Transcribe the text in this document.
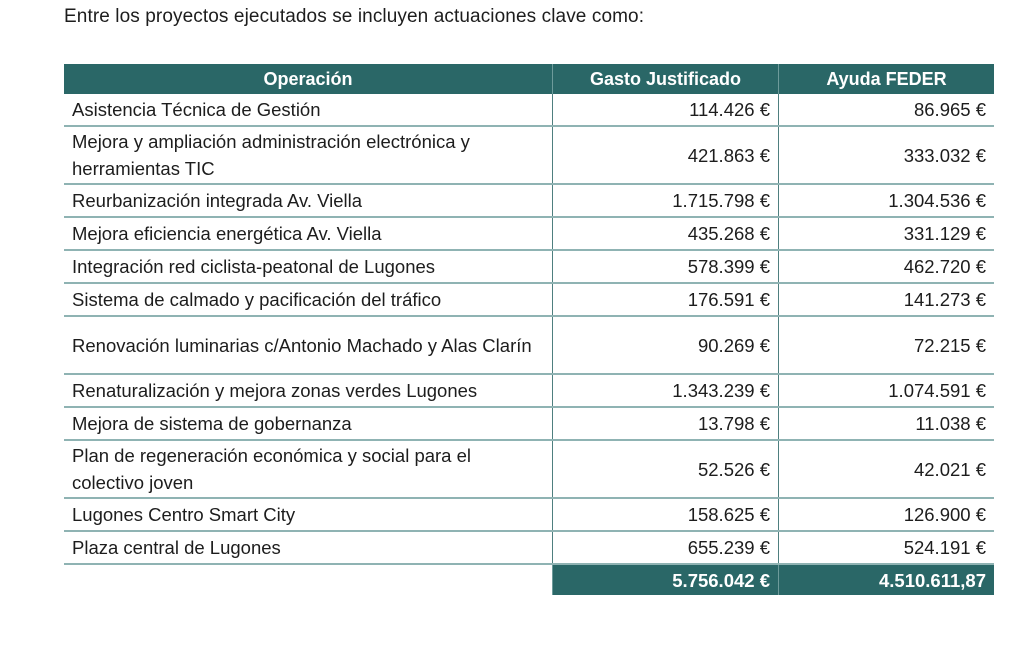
Entre los proyectos ejecutados se incluyen actuaciones clave como:
Operación	Gasto Justificado	Ayuda FEDER
Asistencia Técnica de Gestión	114.426 €	86.965 €
Mejora y ampliación administración electrónica y herramientas TIC	421.863 €	333.032 €
Reurbanización integrada Av. Viella	1.715.798 €	1.304.536 €
Mejora eficiencia energética Av. Viella	435.268 €	331.129 €
Integración red ciclista-peatonal de Lugones	578.399 €	462.720 €
Sistema de calmado y pacificación del tráfico	176.591 €	141.273 €
Renovación luminarias c/Antonio Machado y Alas Clarín	90.269 €	72.215 €
Renaturalización y mejora zonas verdes Lugones	1.343.239 €	1.074.591 €
Mejora de sistema de gobernanza	13.798 €	11.038 €
Plan de regeneración económica y social para el colectivo joven	52.526 €	42.021 €
Lugones Centro Smart City	158.625 €	126.900 €
Plaza central de Lugones	655.239 €	524.191 €
	5.756.042 €	4.510.611,87
